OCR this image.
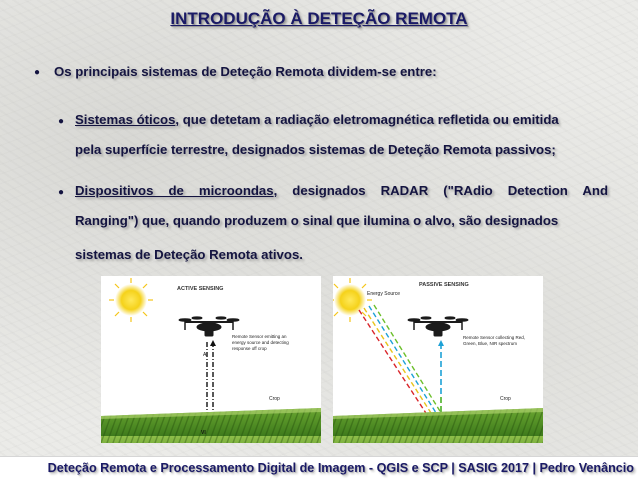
INTRODUÇÃO À DETEÇÃO REMOTA
● Os principais sistemas de Deteção Remota dividem-se entre:
● Sistemas óticos, que detetam a radiação eletromagnética refletida ou emitida
pela superfície terrestre, designados sistemas de Deteção Remota passivos;
● Dispositivos de microondas, designados RADAR ("RAdio Detection And
Ranging") que, quando produzem o sinal que ilumina o alvo, são designados
sistemas de Deteção Remota ativos.
ACTIVE SENSING
Remote Sensor emitting an
energy source and detecting
response off crop
A
VI
Crop
Energy Source
PASSIVE SENSING
Remote Sensor collecting Red,
Green, Blue, NIR spectrum
Crop
Deteção Remota e Processamento Digital de Imagem - QGIS e SCP | SASIG 2017 | Pedro Venâncio
